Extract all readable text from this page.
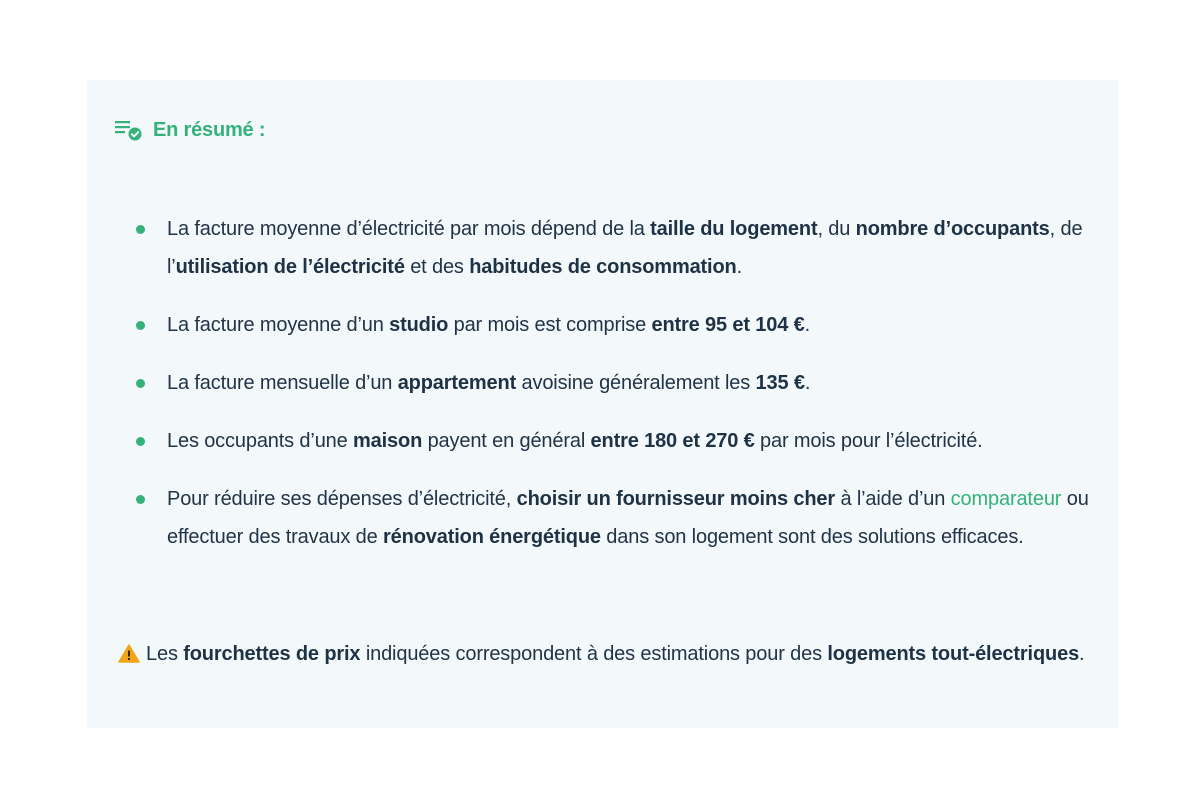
En résumé :
La facture moyenne d’électricité par mois dépend de la taille du logement, du nombre d’occupants, de l’utilisation de l’électricité et des habitudes de consommation.
La facture moyenne d’un studio par mois est comprise entre 95 et 104 €.
La facture mensuelle d’un appartement avoisine généralement les 135 €.
Les occupants d’une maison payent en général entre 180 et 270 € par mois pour l’électricité.
Pour réduire ses dépenses d’électricité, choisir un fournisseur moins cher à l’aide d’un comparateur ou effectuer des travaux de rénovation énergétique dans son logement sont des solutions efficaces.
Les fourchettes de prix indiquées correspondent à des estimations pour des logements tout-électriques.
